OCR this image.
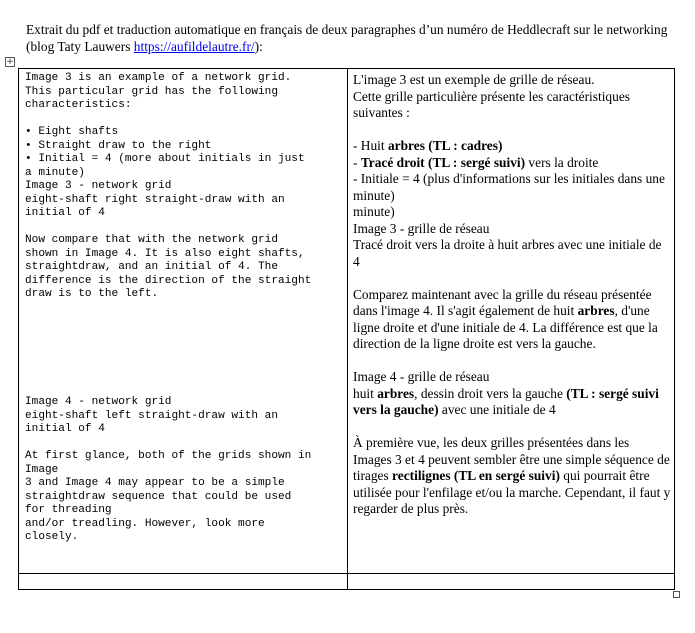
Extrait du pdf et traduction automatique en français de deux paragraphes d’un numéro de Heddlecraft sur le networking (blog Taty Lauwers https://aufildelautre.fr/):
+
Image 3 is an example of a network grid.
This particular grid has the following
characteristics:

• Eight shafts
• Straight draw to the right
• Initial = 4 (more about initials in just
a minute)
Image 3 - network grid
eight-shaft right straight-draw with an
initial of 4

Now compare that with the network grid
shown in Image 4. It is also eight shafts,
straightdraw, and an initial of 4. The
difference is the direction of the straight
draw is to the left.

Image 4 - network grid
eight-shaft left straight-draw with an
initial of 4

At first glance, both of the grids shown in
Image
3 and Image 4 may appear to be a simple
straightdraw sequence that could be used
for threading
and/or treadling. However, look more
closely.

L'image 3 est un exemple de grille de réseau.

Cette grille particulière présente les caractéristiques suivantes :

- Huit arbres (TL : cadres)

- Tracé droit (TL : sergé suivi) vers la droite

- Initiale = 4 (plus d'informations sur les initiales dans une minute)

minute)

Image 3 - grille de réseau

Tracé droit vers la droite à huit arbres avec une initiale de 4

Comparez maintenant avec la grille du réseau présentée dans l'image 4. Il s'agit également de huit arbres, d'une ligne droite et d'une initiale de 4. La différence est que la direction de la ligne droite est vers la gauche.

Image 4 - grille de réseau

huit arbres, dessin droit vers la gauche (TL : sergé suivi vers la gauche) avec une initiale de 4

À première vue, les deux grilles présentées dans les Images 3 et 4 peuvent sembler être une simple séquence de tirages rectilignes (TL en sergé suivi) qui pourrait être utilisée pour l'enfilage et/ou la marche. Cependant, il faut y regarder de plus près.
